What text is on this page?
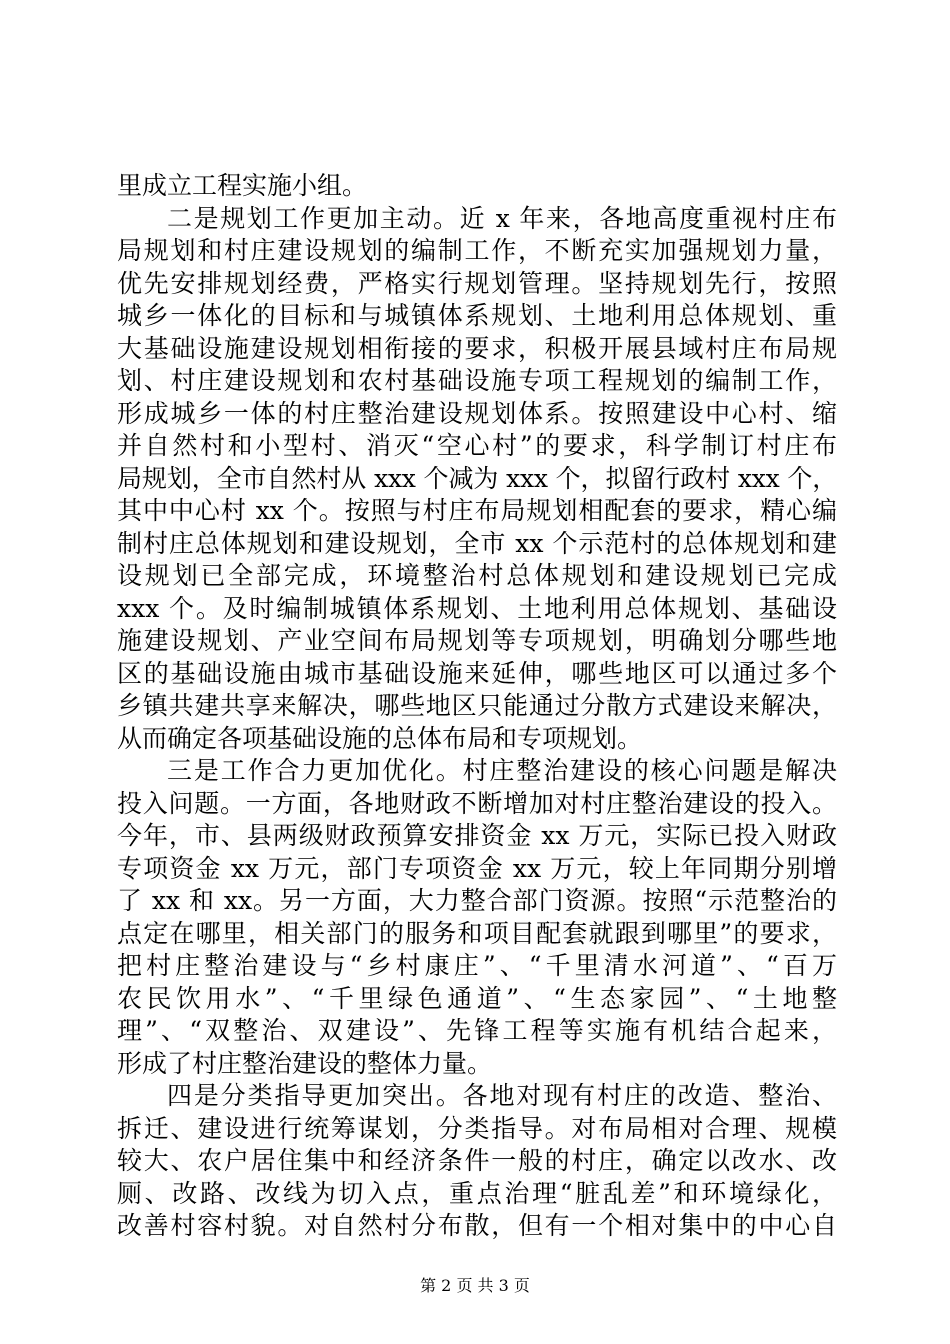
里成立工程实施小组。
二是规划工作更加主动。近 x 年来，各地高度重视村庄布
局规划和村庄建设规划的编制工作，不断充实加强规划力量，
优先安排规划经费，严格实行规划管理。坚持规划先行，按照
城乡一体化的目标和与城镇体系规划、土地利用总体规划、重
大基础设施建设规划相衔接的要求，积极开展县域村庄布局规
划、村庄建设规划和农村基础设施专项工程规划的编制工作，
形成城乡一体的村庄整治建设规划体系。按照建设中心村、缩
并自然村和小型村、消灭“空心村”的要求，科学制订村庄布
局规划，全市自然村从 xxx 个减为 xxx 个，拟留行政村 xxx 个，
其中中心村 xx 个。按照与村庄布局规划相配套的要求，精心编
制村庄总体规划和建设规划，全市 xx 个示范村的总体规划和建
设规划已全部完成，环境整治村总体规划和建设规划已完成
xxx 个。及时编制城镇体系规划、土地利用总体规划、基础设
施建设规划、产业空间布局规划等专项规划，明确划分哪些地
区的基础设施由城市基础设施来延伸，哪些地区可以通过多个
乡镇共建共享来解决，哪些地区只能通过分散方式建设来解决，
从而确定各项基础设施的总体布局和专项规划。
三是工作合力更加优化。村庄整治建设的核心问题是解决
投入问题。一方面，各地财政不断增加对村庄整治建设的投入。
今年，市、县两级财政预算安排资金 xx 万元，实际已投入财政
专项资金 xx 万元，部门专项资金 xx 万元，较上年同期分别增
了 xx 和 xx。另一方面，大力整合部门资源。按照“示范整治的
点定在哪里，相关部门的服务和项目配套就跟到哪里”的要求，
把村庄整治建设与“乡村康庄”、“千里清水河道”、“百万
农民饮用水”、“千里绿色通道”、“生态家园”、“土地整
理”、“双整治、双建设”、先锋工程等实施有机结合起来，
形成了村庄整治建设的整体力量。
四是分类指导更加突出。各地对现有村庄的改造、整治、
拆迁、建设进行统筹谋划，分类指导。对布局相对合理、规模
较大、农户居住集中和经济条件一般的村庄，确定以改水、改
厕、改路、改线为切入点，重点治理“脏乱差”和环境绿化，
改善村容村貌。对自然村分布散，但有一个相对集中的中心自
第 2 页 共 3 页
